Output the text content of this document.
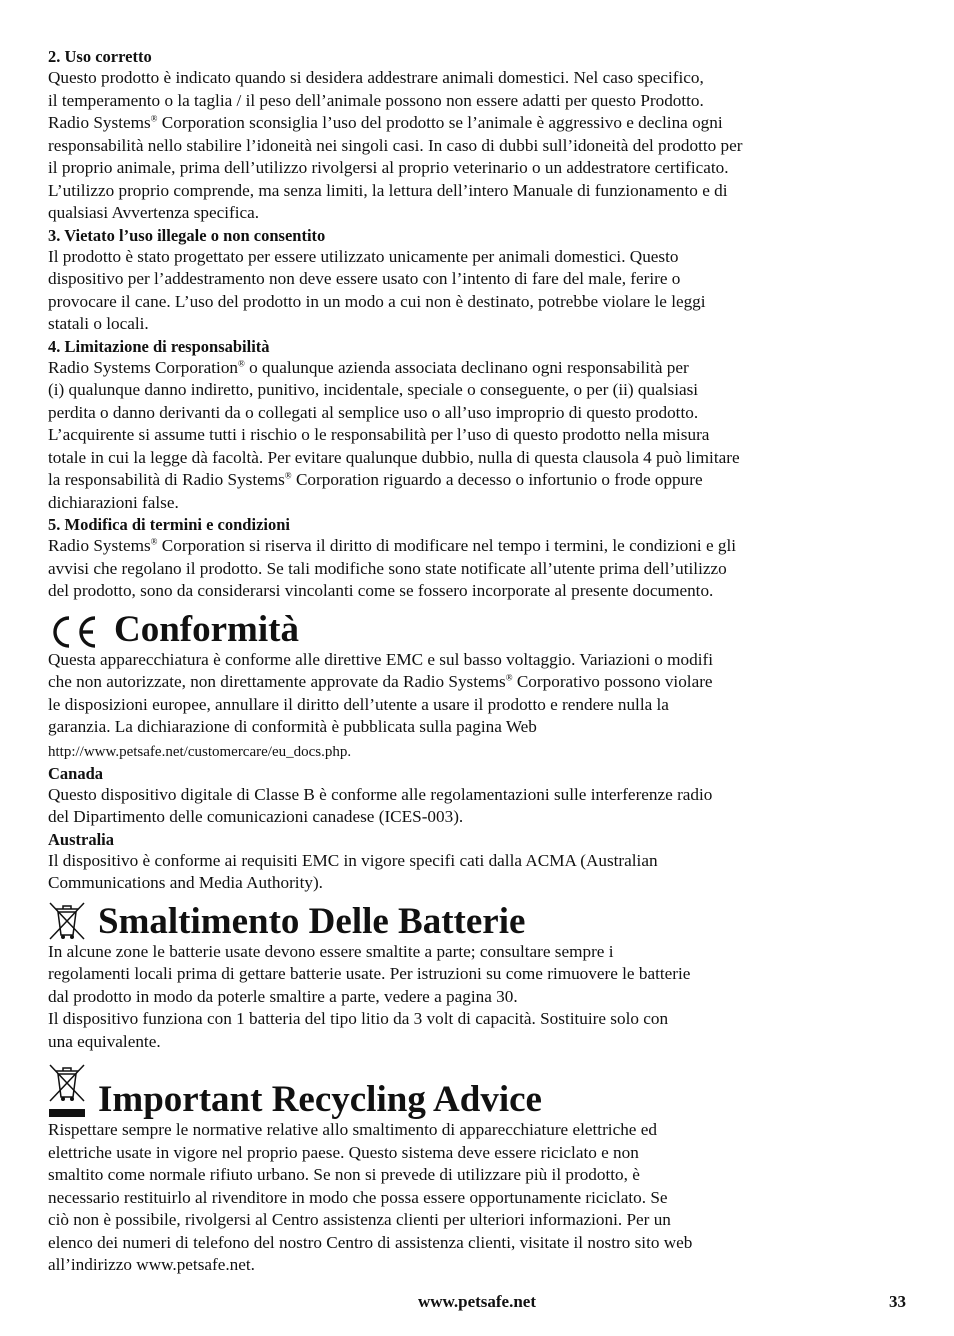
2. Uso corretto

Questo prodotto è indicato quando si desidera addestrare animali domestici. Nel caso specifico,
il temperamento o la taglia / il peso dell’animale possono non essere adatti per questo Prodotto.
Radio Systems® Corporation sconsiglia l’uso del prodotto se l’animale è aggressivo e declina ogni
responsabilità nello stabilire l’idoneità nei singoli casi. In caso di dubbi sull’idoneità del prodotto per
il proprio animale, prima dell’utilizzo rivolgersi al proprio veterinario o un addestratore certificato.
L’utilizzo proprio comprende, ma senza limiti, la lettura dell’intero Manuale di funzionamento e di
qualsiasi Avvertenza specifica.

3. Vietato l’uso illegale o non consentito

Il prodotto è stato progettato per essere utilizzato unicamente per animali domestici. Questo
dispositivo per l’addestramento non deve essere usato con l’intento di fare del male, ferire o
provocare il cane. L’uso del prodotto in un modo a cui non è destinato, potrebbe violare le leggi
statali o locali.

4. Limitazione di responsabilità

Radio Systems Corporation® o qualunque azienda associata declinano ogni responsabilità per
(i) qualunque danno indiretto, punitivo, incidentale, speciale o conseguente, o per (ii) qualsiasi
perdita o danno derivanti da o collegati al semplice uso o all’uso improprio di questo prodotto.
L’acquirente si assume tutti i rischio o le responsabilità per l’uso di questo prodotto nella misura
totale in cui la legge dà facoltà. Per evitare qualunque dubbio, nulla di questa clausola 4 può limitare
la responsabilità di Radio Systems® Corporation riguardo a decesso o infortunio o frode oppure
dichiarazioni false.

5. Modifica di termini e condizioni

Radio Systems® Corporation si riserva il diritto di modificare nel tempo i termini, le condizioni e gli
avvisi che regolano il prodotto. Se tali modifiche sono state notificate all’utente prima dell’utilizzo
del prodotto, sono da considerarsi vincolanti come se fossero incorporate al presente documento.

Conformità

Questa apparecchiatura è conforme alle direttive EMC e sul basso voltaggio. Variazioni o modifi
che non autorizzate, non direttamente approvate da Radio Systems® Corporativo possono violare
le disposizioni europee, annullare il diritto dell’utente a usare il prodotto e rendere nulla la
garanzia. La dichiarazione di conformità è pubblicata sulla pagina Web

http://www.petsafe.net/customercare/eu_docs.php.

Canada

Questo dispositivo digitale di Classe B è conforme alle regolamentazioni sulle interferenze radio
del Dipartimento delle comunicazioni canadese (ICES-003).

Australia

Il dispositivo è conforme ai requisiti EMC in vigore specifi cati dalla ACMA (Australian
Communications and Media Authority).

Smaltimento Delle Batterie

In alcune zone le batterie usate devono essere smaltite a parte; consultare sempre i
regolamenti locali prima di gettare batterie usate. Per istruzioni su come rimuovere le batterie
dal prodotto in modo da poterle smaltire a parte, vedere a pagina 30.
Il dispositivo funziona con 1 batteria del tipo litio da 3 volt di capacità. Sostituire solo con
una equivalente.

Important Recycling Advice

Rispettare sempre le normative relative allo smaltimento di apparecchiature elettriche ed
elettriche usate in vigore nel proprio paese. Questo sistema deve essere riciclato e non
smaltito come normale rifiuto urbano. Se non si prevede di utilizzare più il prodotto, è
necessario restituirlo al rivenditore in modo che possa essere opportunamente riciclato. Se
ciò non è possibile, rivolgersi al Centro assistenza clienti per ulteriori informazioni. Per un
elenco dei numeri di telefono del nostro Centro di assistenza clienti, visitate il nostro sito web
all’indirizzo www.petsafe.net.

www.petsafe.net	33
